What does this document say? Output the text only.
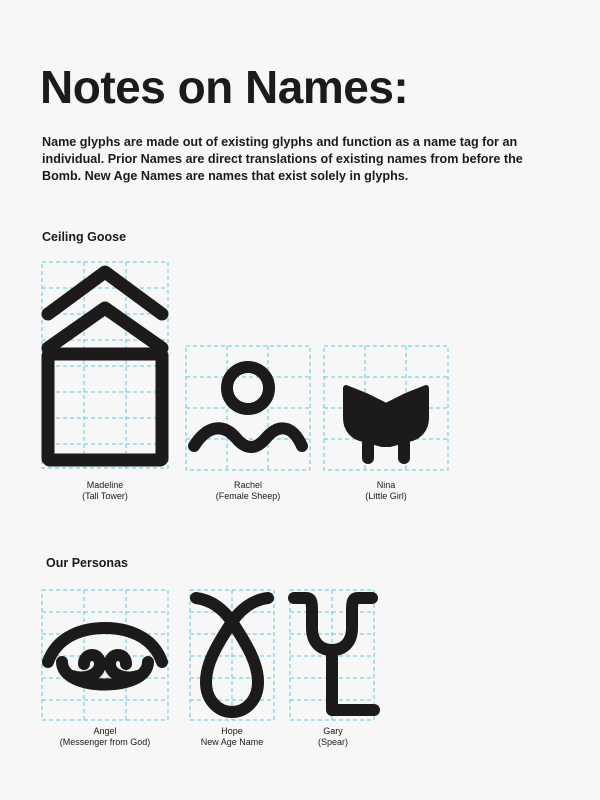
Notes on Names:

Name glyphs are made out of existing glyphs and function as a name tag for an individual. Prior Names are direct translations of existing names from before the Bomb. New Age Names are names that exist solely in glyphs.

Ceiling Goose
Madeline
(Tall Tower)
Rachel
(Female Sheep)
Nina
(Little Girl)
Our Personas
Angel
(Messenger from God)
Hope
New Age Name
Gary
(Spear)
